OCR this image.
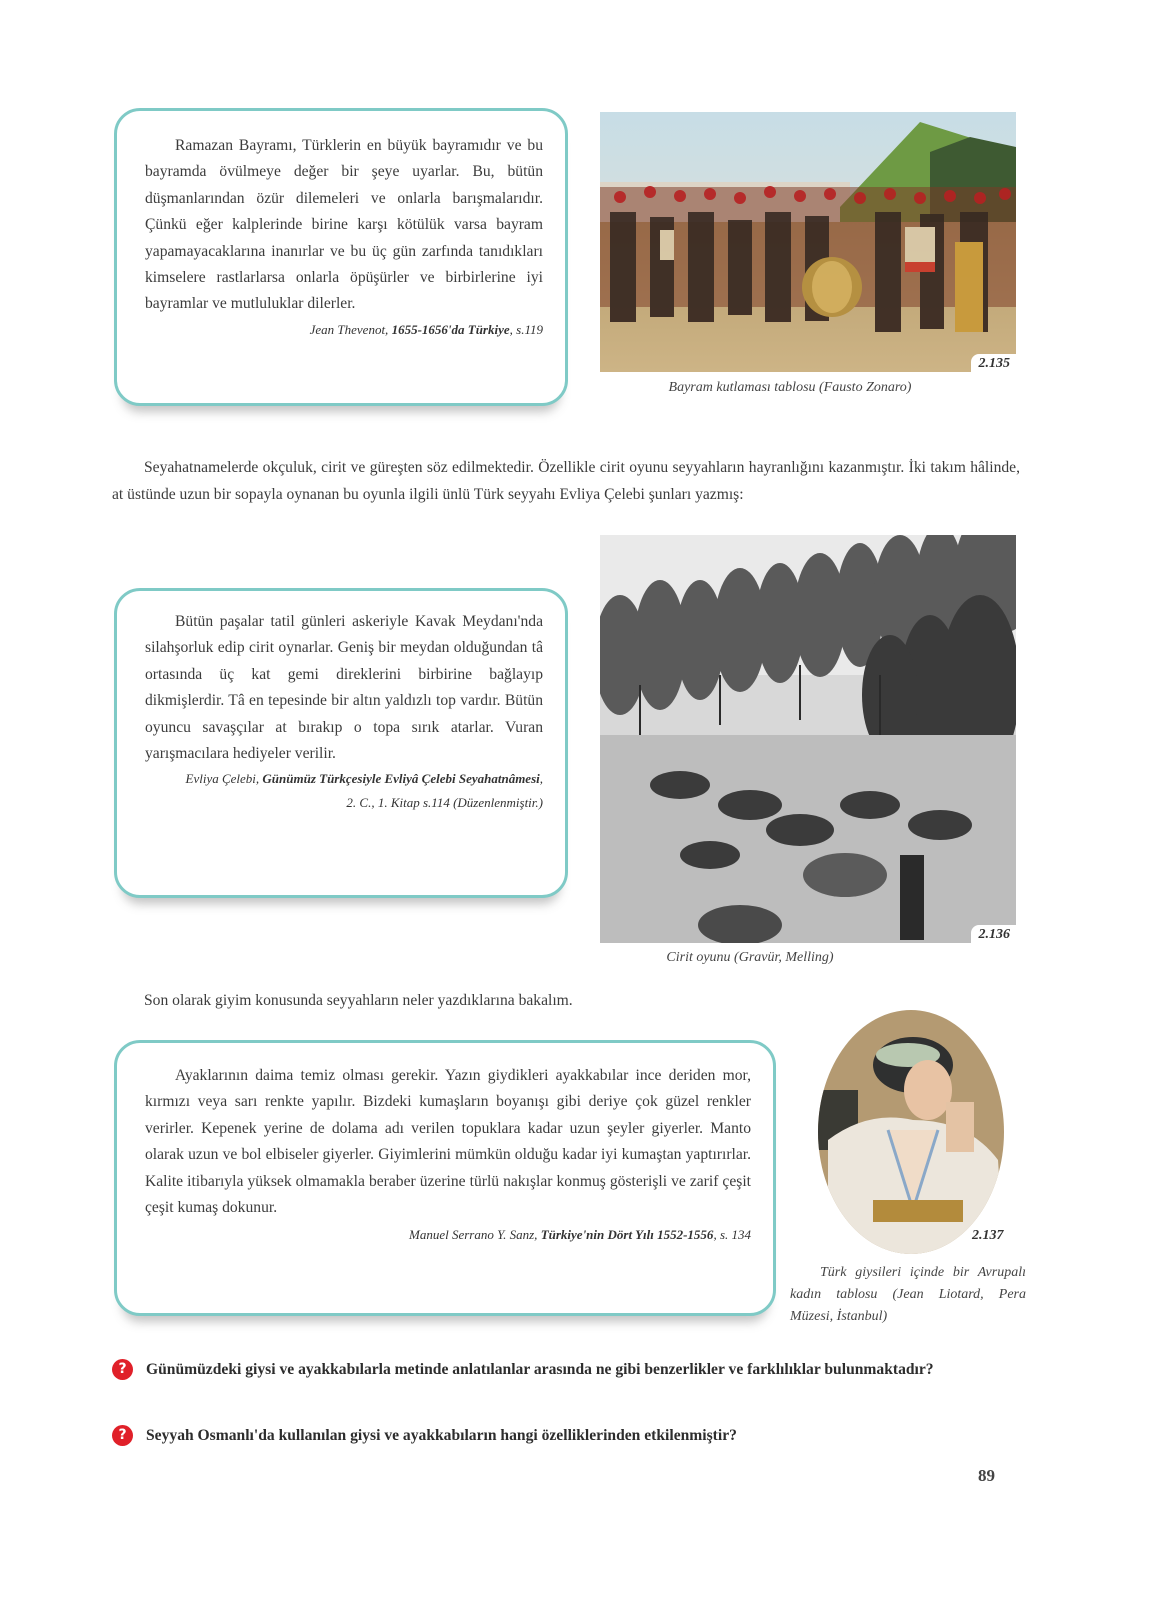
Ramazan Bayramı, Türklerin en büyük bayramıdır ve bu bayramda övülmeye değer bir şeye uyarlar. Bu, bütün düşmanlarından özür dilemeleri ve onlarla barışmalarıdır. Çünkü eğer kalplerinde birine karşı kötülük varsa bayram yapamayacaklarına inanırlar ve bu üç gün zarfında tanıdıkları kimselere rastlarlarsa onlarla öpüşürler ve birbirlerine iyi bayramlar ve mutluluklar dilerler.

Jean Thevenot, 1655-1656'da Türkiye, s.119

2.135
Bayram kutlaması tablosu (Fausto Zonaro)

Seyahatnamelerde okçuluk, cirit ve güreşten söz edilmektedir. Özellikle cirit oyunu seyyahların hayranlığını kazanmıştır. İki takım hâlinde, at üstünde uzun bir sopayla oynanan bu oyunla ilgili ünlü Türk seyyahı Evliya Çelebi şunları yazmış:

Bütün paşalar tatil günleri askeriyle Kavak Meydanı'nda silahşorluk edip cirit oynarlar. Geniş bir meydan olduğundan tâ ortasında üç kat gemi direklerini birbirine bağlayıp dikmişlerdir. Tâ en tepesinde bir altın yaldızlı top vardır. Bütün oyuncu savaşçılar at bırakıp o topa sırık atarlar. Vuran yarışmacılara hediyeler verilir.

Evliya Çelebi, Günümüz Türkçesiyle Evliyâ Çelebi Seyahatnâmesi, 2. C., 1. Kitap s.114 (Düzenlenmiştir.)

2.136
Cirit oyunu (Gravür, Melling)

Son olarak giyim konusunda seyyahların neler yazdıklarına bakalım.

Ayaklarının daima temiz olması gerekir. Yazın giydikleri ayakkabılar ince deriden mor, kırmızı veya sarı renkte yapılır. Bizdeki kumaşların boyanışı gibi deriye çok güzel renkler verirler. Kepenek yerine de dolama adı verilen topuklara kadar uzun şeyler giyerler. Manto olarak uzun ve bol elbiseler giyerler. Giyimlerini mümkün olduğu kadar iyi kumaştan yaptırırlar. Kalite itibarıyla yüksek olmamakla beraber üzerine türlü nakışlar konmuş gösterişli ve zarif çeşit çeşit kumaş dokunur.

Manuel Serrano Y. Sanz, Türkiye'nin Dört Yılı 1552-1556, s. 134	2.137
Türk giysileri içinde bir Avrupalı kadın tablosu (Jean Liotard, Pera Müzesi, İstanbul)
?	Günümüzdeki giysi ve ayakkabılarla metinde anlatılanlar arasında ne gibi benzerlikler ve farklılıklar bulunmaktadır?
?	Seyyah Osmanlı'da kullanılan giysi ve ayakkabıların hangi özelliklerinden etkilenmiştir?
89
